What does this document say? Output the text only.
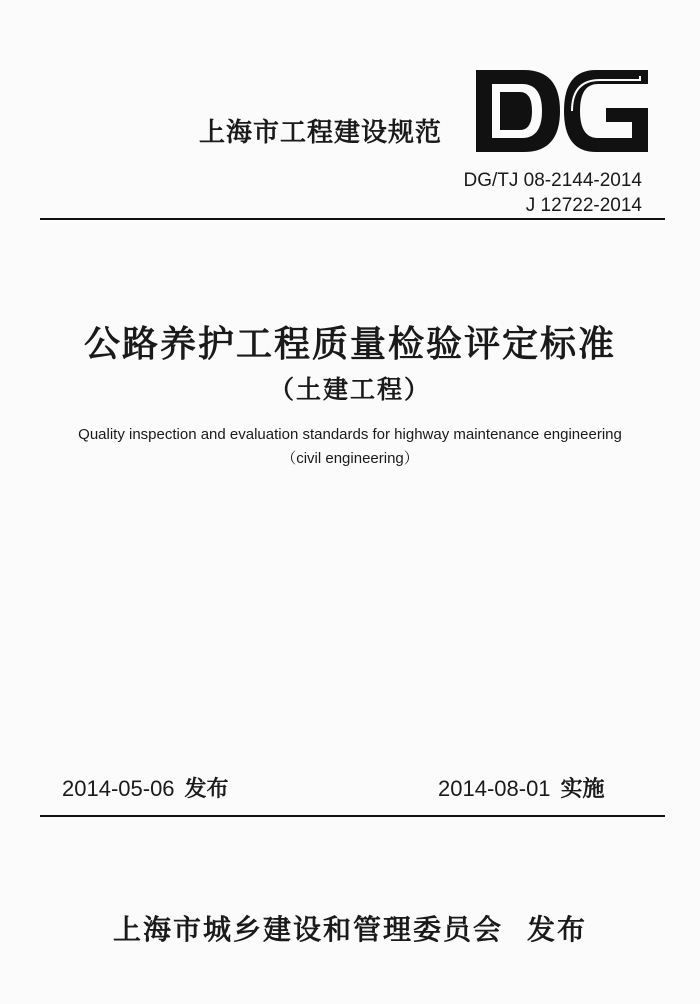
上海市工程建设规范
DG/TJ 08-2144-2014
J 12722-2014
公路养护工程质量检验评定标准
（土建工程）
Quality inspection and evaluation standards for highway maintenance engineering
（civil engineering）
2014-05-06 发布	2014-08-01 实施
上海市城乡建设和管理委员会 发布
